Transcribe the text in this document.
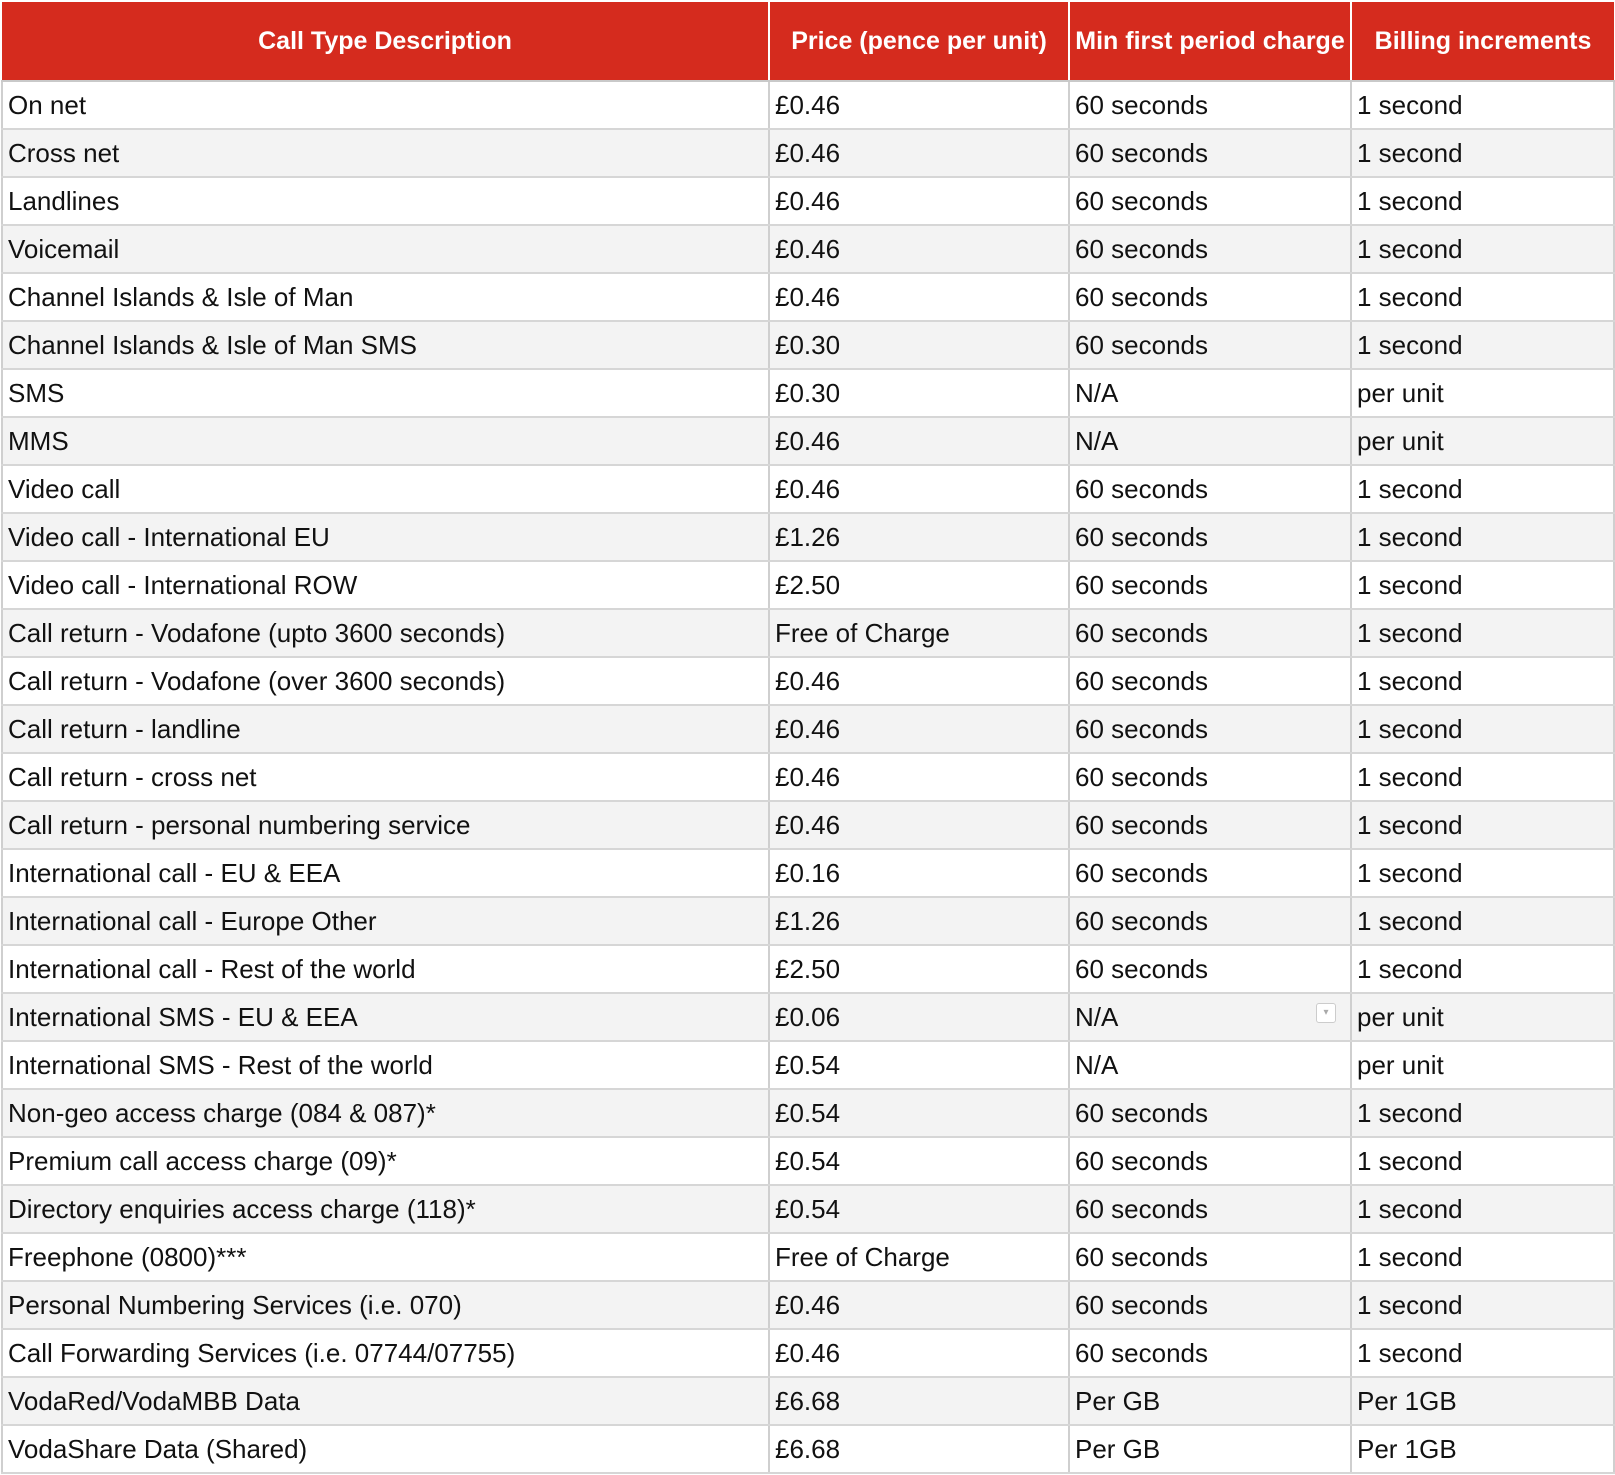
Call Type Description	Price (pence per unit)	Min first period charge	Billing increments
On net	£0.46	60 seconds	1 second
Cross net	£0.46	60 seconds	1 second
Landlines	£0.46	60 seconds	1 second
Voicemail	£0.46	60 seconds	1 second
Channel Islands & Isle of Man	£0.46	60 seconds	1 second
Channel Islands & Isle of Man SMS	£0.30	60 seconds	1 second
SMS	£0.30	N/A	per unit
MMS	£0.46	N/A	per unit
Video call	£0.46	60 seconds	1 second
Video call - International EU	£1.26	60 seconds	1 second
Video call - International ROW	£2.50	60 seconds	1 second
Call return - Vodafone (upto 3600 seconds)	Free of Charge	60 seconds	1 second
Call return - Vodafone (over 3600 seconds)	£0.46	60 seconds	1 second
Call return - landline	£0.46	60 seconds	1 second
Call return - cross net	£0.46	60 seconds	1 second
Call return - personal numbering service	£0.46	60 seconds	1 second
International call - EU & EEA	£0.16	60 seconds	1 second
International call - Europe Other	£1.26	60 seconds	1 second
International call - Rest of the world	£2.50	60 seconds	1 second
International SMS - EU & EEA	£0.06	N/A ▾	per unit
International SMS - Rest of the world	£0.54	N/A	per unit
Non-geo access charge (084 & 087)*	£0.54	60 seconds	1 second
Premium call access charge (09)*	£0.54	60 seconds	1 second
Directory enquiries access charge (118)*	£0.54	60 seconds	1 second
Freephone (0800)***	Free of Charge	60 seconds	1 second
Personal Numbering Services (i.e. 070)	£0.46	60 seconds	1 second
Call Forwarding Services (i.e. 07744/07755)	£0.46	60 seconds	1 second
VodaRed/VodaMBB Data	£6.68	Per GB	Per 1GB
VodaShare Data (Shared)	£6.68	Per GB	Per 1GB
